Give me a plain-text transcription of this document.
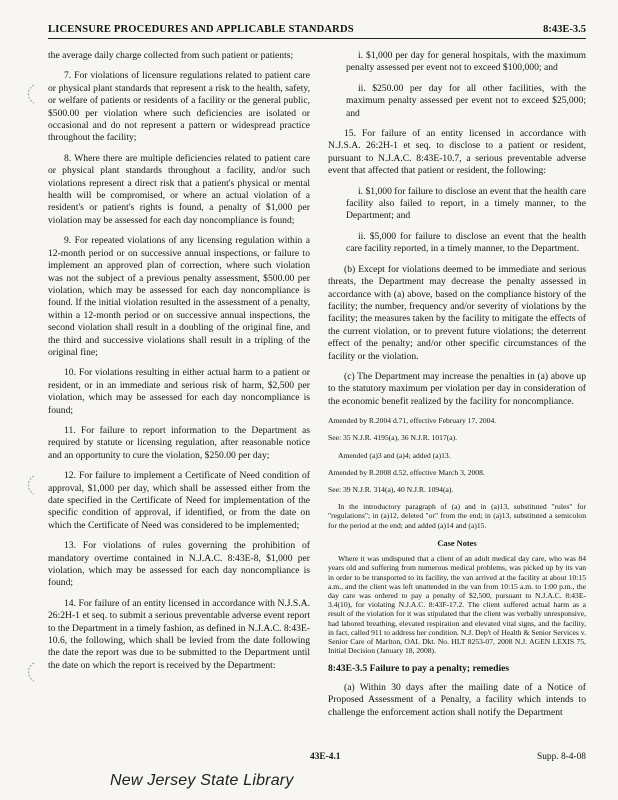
LICENSURE PROCEDURES AND APPLICABLE STANDARDS	8:43E-3.5

the average daily charge collected from such patient or patients;

7. For violations of licensure regulations related to patient care or physical plant standards that represent a risk to the health, safety, or welfare of patients or residents of a facility or the general public, $500.00 per violation where such deficiencies are isolated or occasional and do not represent a pattern or widespread practice throughout the facility;

8. Where there are multiple deficiencies related to patient care or physical plant standards throughout a facility, and/or such violations represent a direct risk that a patient's physical or mental health will be compromised, or where an actual violation of a resident's or patient's rights is found, a penalty of $1,000 per violation may be assessed for each day noncompliance is found;

9. For repeated violations of any licensing regulation within a 12-month period or on successive annual inspections, or failure to implement an approved plan of correction, where such violation was not the subject of a previous penalty assessment, $500.00 per violation, which may be assessed for each day noncompliance is found. If the initial violation resulted in the assessment of a penalty, within a 12-month period or on successive annual inspections, the second violation shall result in a doubling of the original fine, and the third and successive violations shall result in a tripling of the original fine;

10. For violations resulting in either actual harm to a patient or resident, or in an immediate and serious risk of harm, $2,500 per violation, which may be assessed for each day noncompliance is found;

11. For failure to report information to the Department as required by statute or licensing regulation, after reasonable notice and an opportunity to cure the violation, $250.00 per day;

12. For failure to implement a Certificate of Need condition of approval, $1,000 per day, which shall be assessed either from the date specified in the Certificate of Need for implementation of the specific condition of approval, if identified, or from the date on which the Certificate of Need was considered to be implemented;

13. For violations of rules governing the prohibition of mandatory overtime contained in N.J.A.C. 8:43E-8, $1,000 per violation, which may be assessed for each day noncompliance is found;

14. For failure of an entity licensed in accordance with N.J.S.A. 26:2H-1 et seq. to submit a serious preventable adverse event report to the Department in a timely fashion, as defined in N.J.A.C. 8:43E-10.6, the following, which shall be levied from the date following the date the report was due to be submitted to the Department until the date on which the report is received by the Department:

i. $1,000 per day for general hospitals, with the maximum penalty assessed per event not to exceed $100,000; and

ii. $250.00 per day for all other facilities, with the maximum penalty assessed per event not to exceed $25,000; and

15. For failure of an entity licensed in accordance with N.J.S.A. 26:2H-1 et seq. to disclose to a patient or resident, pursuant to N.J.A.C. 8:43E-10.7, a serious preventable adverse event that affected that patient or resident, the following:

i. $1,000 for failure to disclose an event that the health care facility also failed to report, in a timely manner, to the Department; and

ii. $5,000 for failure to disclose an event that the health care facility reported, in a timely manner, to the Department.

(b) Except for violations deemed to be immediate and serious threats, the Department may decrease the penalty assessed in accordance with (a) above, based on the compliance history of the facility; the number, frequency and/or severity of violations by the facility; the measures taken by the facility to mitigate the effects of the current violation, or to prevent future violations; the deterrent effect of the penalty; and/or other specific circumstances of the facility or the violation.

(c) The Department may increase the penalties in (a) above up to the statutory maximum per violation per day in consideration of the economic benefit realized by the facility for noncompliance.

Amended by R.2004 d.71, effective February 17, 2004.

See: 35 N.J.R. 4195(a), 36 N.J.R. 1017(a).

Amended (a)3 and (a)4; added (a)13.

Amended by R.2008 d.52, effective March 3, 2008.

See: 39 N.J.R. 314(a), 40 N.J.R. 1094(a).

In the introductory paragraph of (a) and in (a)13, substituted "rules" for "regulations"; in (a)12, deleted "or" from the end; in (a)13, substituted a semicolon for the period at the end; and added (a)14 and (a)15.

Case Notes

Where it was undisputed that a client of an adult medical day care, who was 84 years old and suffering from numerous medical problems, was picked up by its van in order to be transported to its facility, the van arrived at the facility at about 10:15 a.m., and the client was left unattended in the van from 10:15 a.m. to 1:00 p.m., the day care was ordered to pay a penalty of $2,500, pursuant to N.J.A.C. 8:43E-3.4(10), for violating N.J.A.C. 8:43F-17.2. The client suffered actual harm as a result of the violation for it was stipulated that the client was verbally unresponsive, had labored breathing, elevated respiration and elevated vital signs, and the facility, in fact, called 911 to address her condition. N.J. Dep't of Health & Senior Services v. Senior Care of Marlton, OAL Dkt. No. HLT 8253-07, 2008 N.J. AGEN LEXIS 75, Initial Decision (January 18, 2008).

8:43E-3.5 Failure to pay a penalty; remedies

(a) Within 30 days after the mailing date of a Notice of Proposed Assessment of a Penalty, a facility which intends to challenge the enforcement action shall notify the Department

43E-4.1	Supp. 8-4-08
New Jersey State Library
